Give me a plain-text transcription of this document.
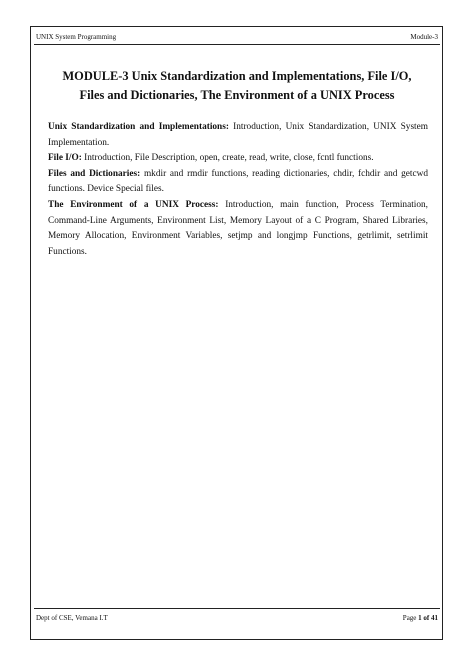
UNIX System Programming	Module-3
MODULE-3 Unix Standardization and Implementations, File I/O, Files and Dictionaries, The Environment of a UNIX Process

Unix Standardization and Implementations: Introduction, Unix Standardization, UNIX System Implementation.

File I/O: Introduction, File Description, open, create, read, write, close, fcntl functions.

Files and Dictionaries: mkdir and rmdir functions, reading dictionaries, chdir, fchdir and getcwd functions. Device Special files.

The Environment of a UNIX Process: Introduction, main function, Process Termination, Command-Line Arguments, Environment List, Memory Layout of a C Program, Shared Libraries, Memory Allocation, Environment Variables, setjmp and longjmp Functions, getrlimit, setrlimit Functions.

Dept of CSE, Vemana I.T	Page 1 of 41
